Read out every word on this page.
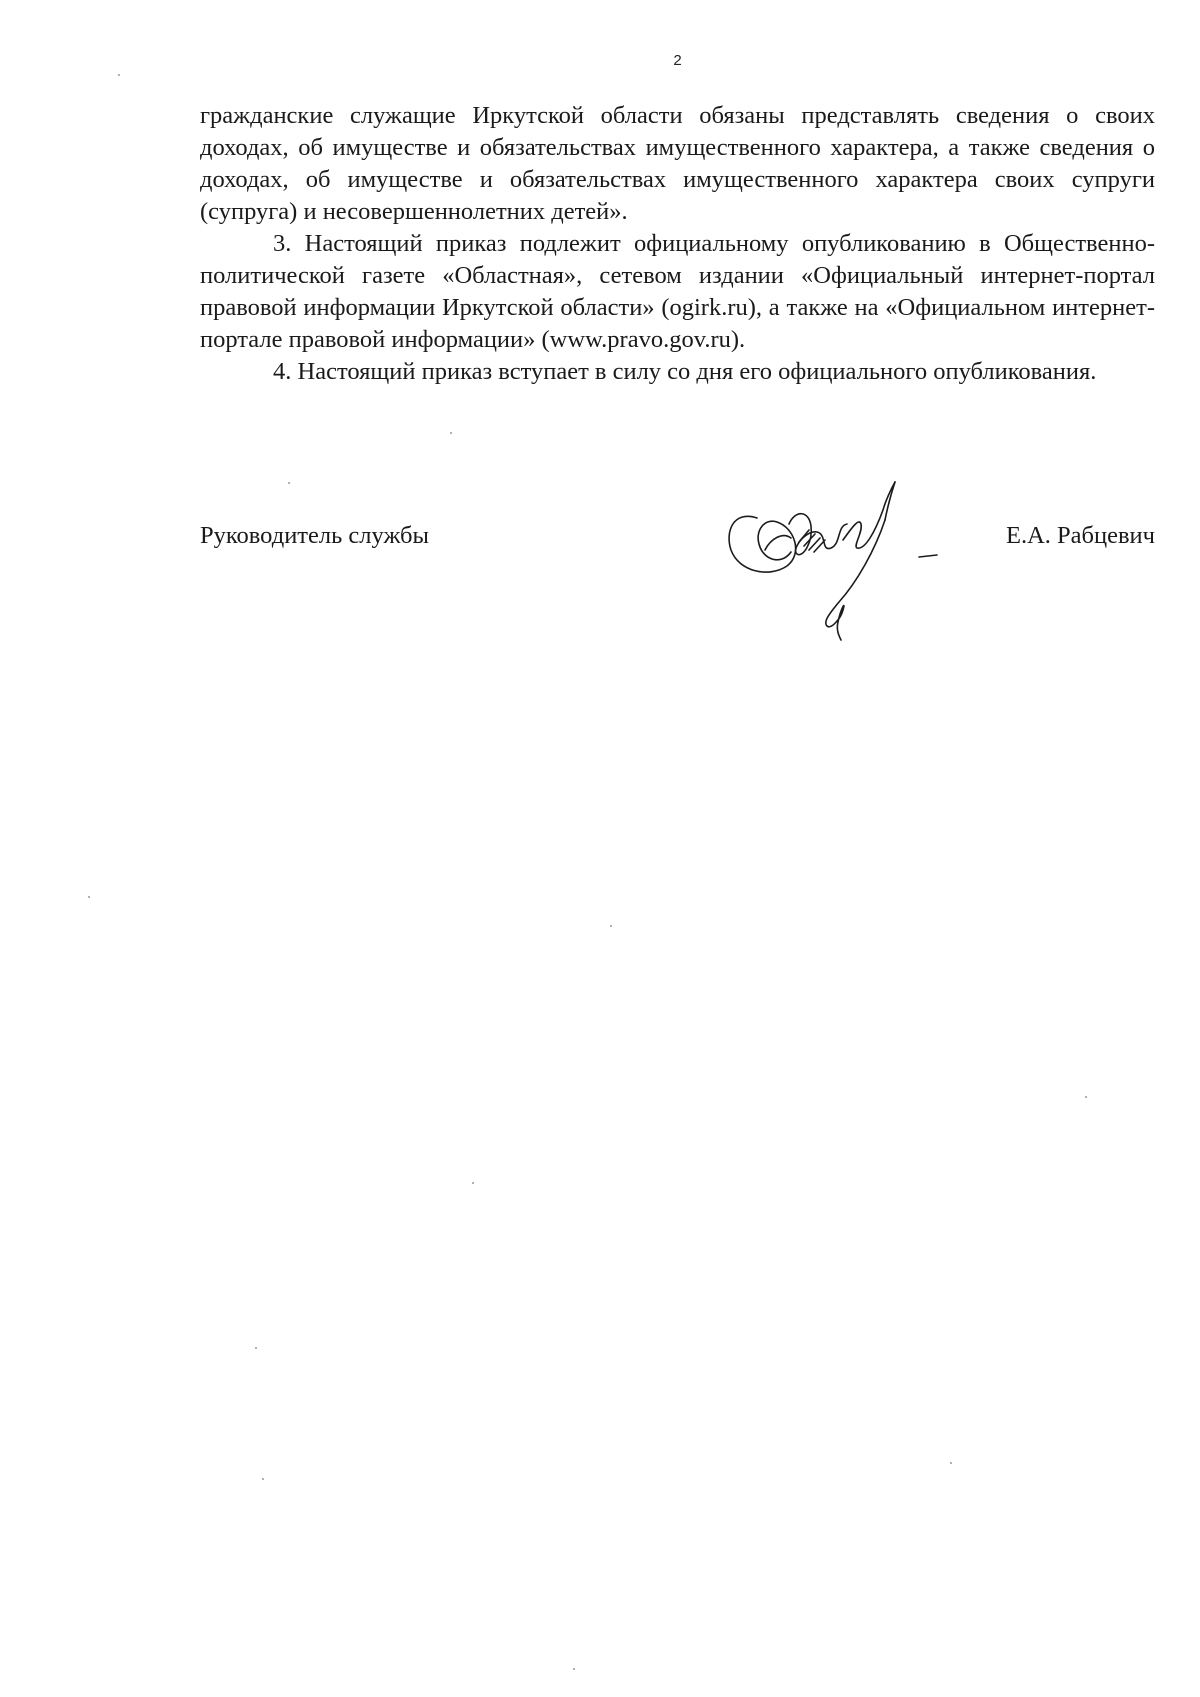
2

гражданские служащие Иркутской области обязаны представлять сведения о своих доходах, об имуществе и обязательствах имущественного характера, а также сведения о доходах, об имуществе и обязательствах имущественного характера своих супруги (супруга) и несовершеннолетних детей».

3. Настоящий приказ подлежит официальному опубликованию в Общественно-политической газете «Областная», сетевом издании «Официальный интернет-портал правовой информации Иркутской области» (ogirk.ru), а также на «Официальном интернет-портале правовой информации» (www.pravo.gov.ru).

4. Настоящий приказ вступает в силу со дня его официального опубликования.

Руководитель службы	Е.А. Рабцевич
